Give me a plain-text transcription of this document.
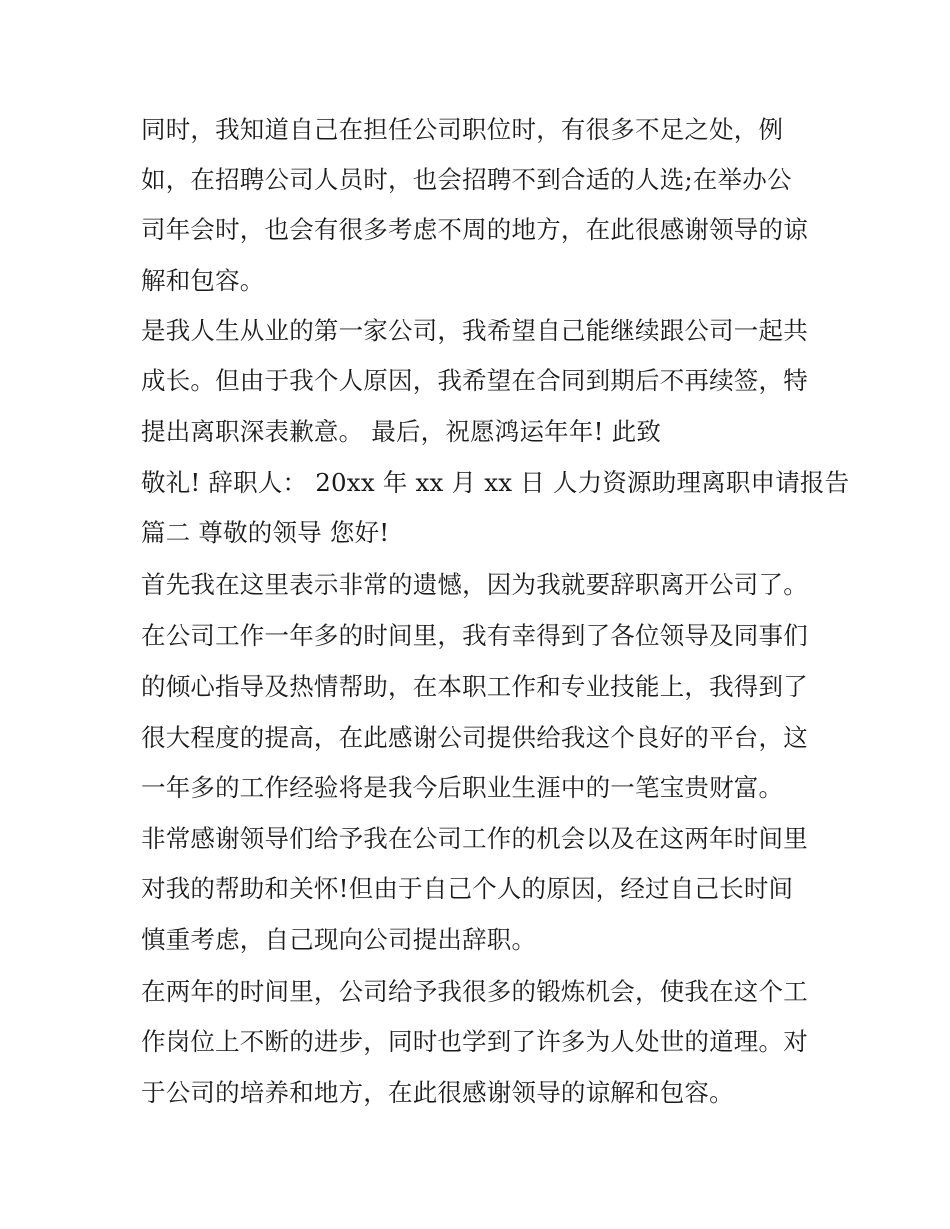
同时，我知道自己在担任公司职位时，有很多不足之处，例
如，在招聘公司人员时，也会招聘不到合适的人选;在举办公
司年会时，也会有很多考虑不周的地方，在此很感谢领导的谅
解和包容。
是我人生从业的第一家公司，我希望自己能继续跟公司一起共
成长。但由于我个人原因，我希望在合同到期后不再续签，特
提出离职深表歉意。 最后，祝愿鸿运年年! 此致
敬礼! 辞职人： 20xx 年 xx 月 xx 日 人力资源助理离职申请报告
篇二 尊敬的领导 您好!
首先我在这里表示非常的遗憾，因为我就要辞职离开公司了。
在公司工作一年多的时间里，我有幸得到了各位领导及同事们
的倾心指导及热情帮助，在本职工作和专业技能上，我得到了
很大程度的提高，在此感谢公司提供给我这个良好的平台，这
一年多的工作经验将是我今后职业生涯中的一笔宝贵财富。
非常感谢领导们给予我在公司工作的机会以及在这两年时间里
对我的帮助和关怀!但由于自己个人的原因，经过自己长时间
慎重考虑，自己现向公司提出辞职。
在两年的时间里，公司给予我很多的锻炼机会，使我在这个工
作岗位上不断的进步，同时也学到了许多为人处世的道理。对
于公司的培养和地方，在此很感谢领导的谅解和包容。
